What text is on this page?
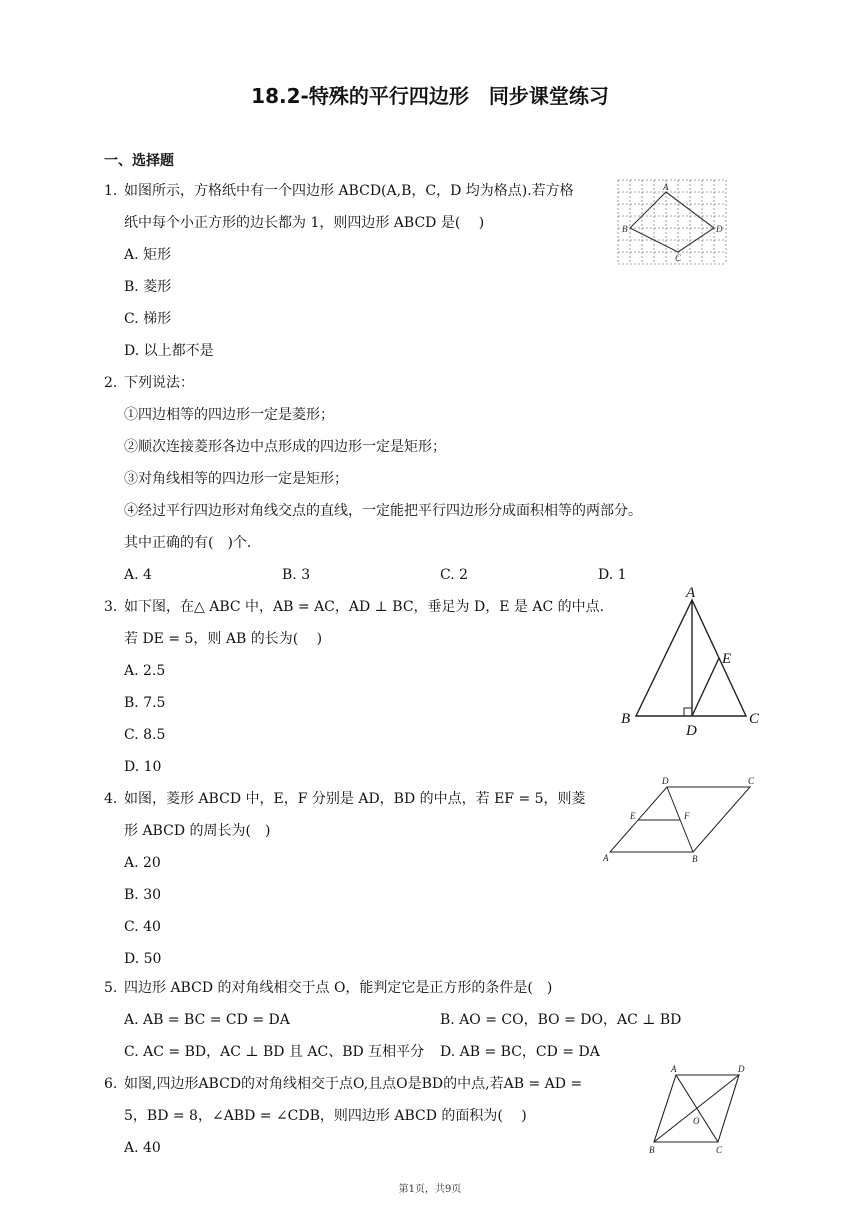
18.2-特殊的平行四边形　同步课堂练习
一、选择题
1. 如图所示，方格纸中有一个四边形 ABCD(A,B，C，D 均为格点).若方格
纸中每个小正方形的边长都为 1，则四边形 ABCD 是(  )
A. 矩形
B. 菱形
C. 梯形
D. 以上都不是
A
B
C
D
2. 下列说法：
①四边相等的四边形一定是菱形；
②顺次连接菱形各边中点形成的四边形一定是矩形；
③对角线相等的四边形一定是矩形；
④经过平行四边形对角线交点的直线，一定能把平行四边形分成面积相等的两部分。
其中正确的有( )个.
A. 4	B. 3	C. 2	D. 1
3. 如下图，在△ ABC 中，AB = AC，AD ⊥ BC，垂足为 D，E 是 AC 的中点.
若 DE = 5，则 AB 的长为(  )
A. 2.5
B. 7.5
C. 8.5
D. 10
A
B	C
D
E
4. 如图，菱形 ABCD 中，E，F 分别是 AD，BD 的中点，若 EF = 5，则菱
形 ABCD 的周长为( )
A. 20
B. 30
C. 40
D. 50
A	B
C
D
E	F
5. 四边形 ABCD 的对角线相交于点 O，能判定它是正方形的条件是( )
A. AB = BC = CD = DA	B. AO = CO，BO = DO，AC ⊥ BD
C. AC = BD，AC ⊥ BD 且 AC、BD 互相平分 D. AB = BC，CD = DA
6. 如图,四边形ABCD的对角线相交于点O,且点O是BD的中点,若AB = AD =
5，BD = 8，∠ABD = ∠CDB，则四边形 ABCD 的面积为(  )
A. 40
A
B	C
D
O
第1页，共9页
